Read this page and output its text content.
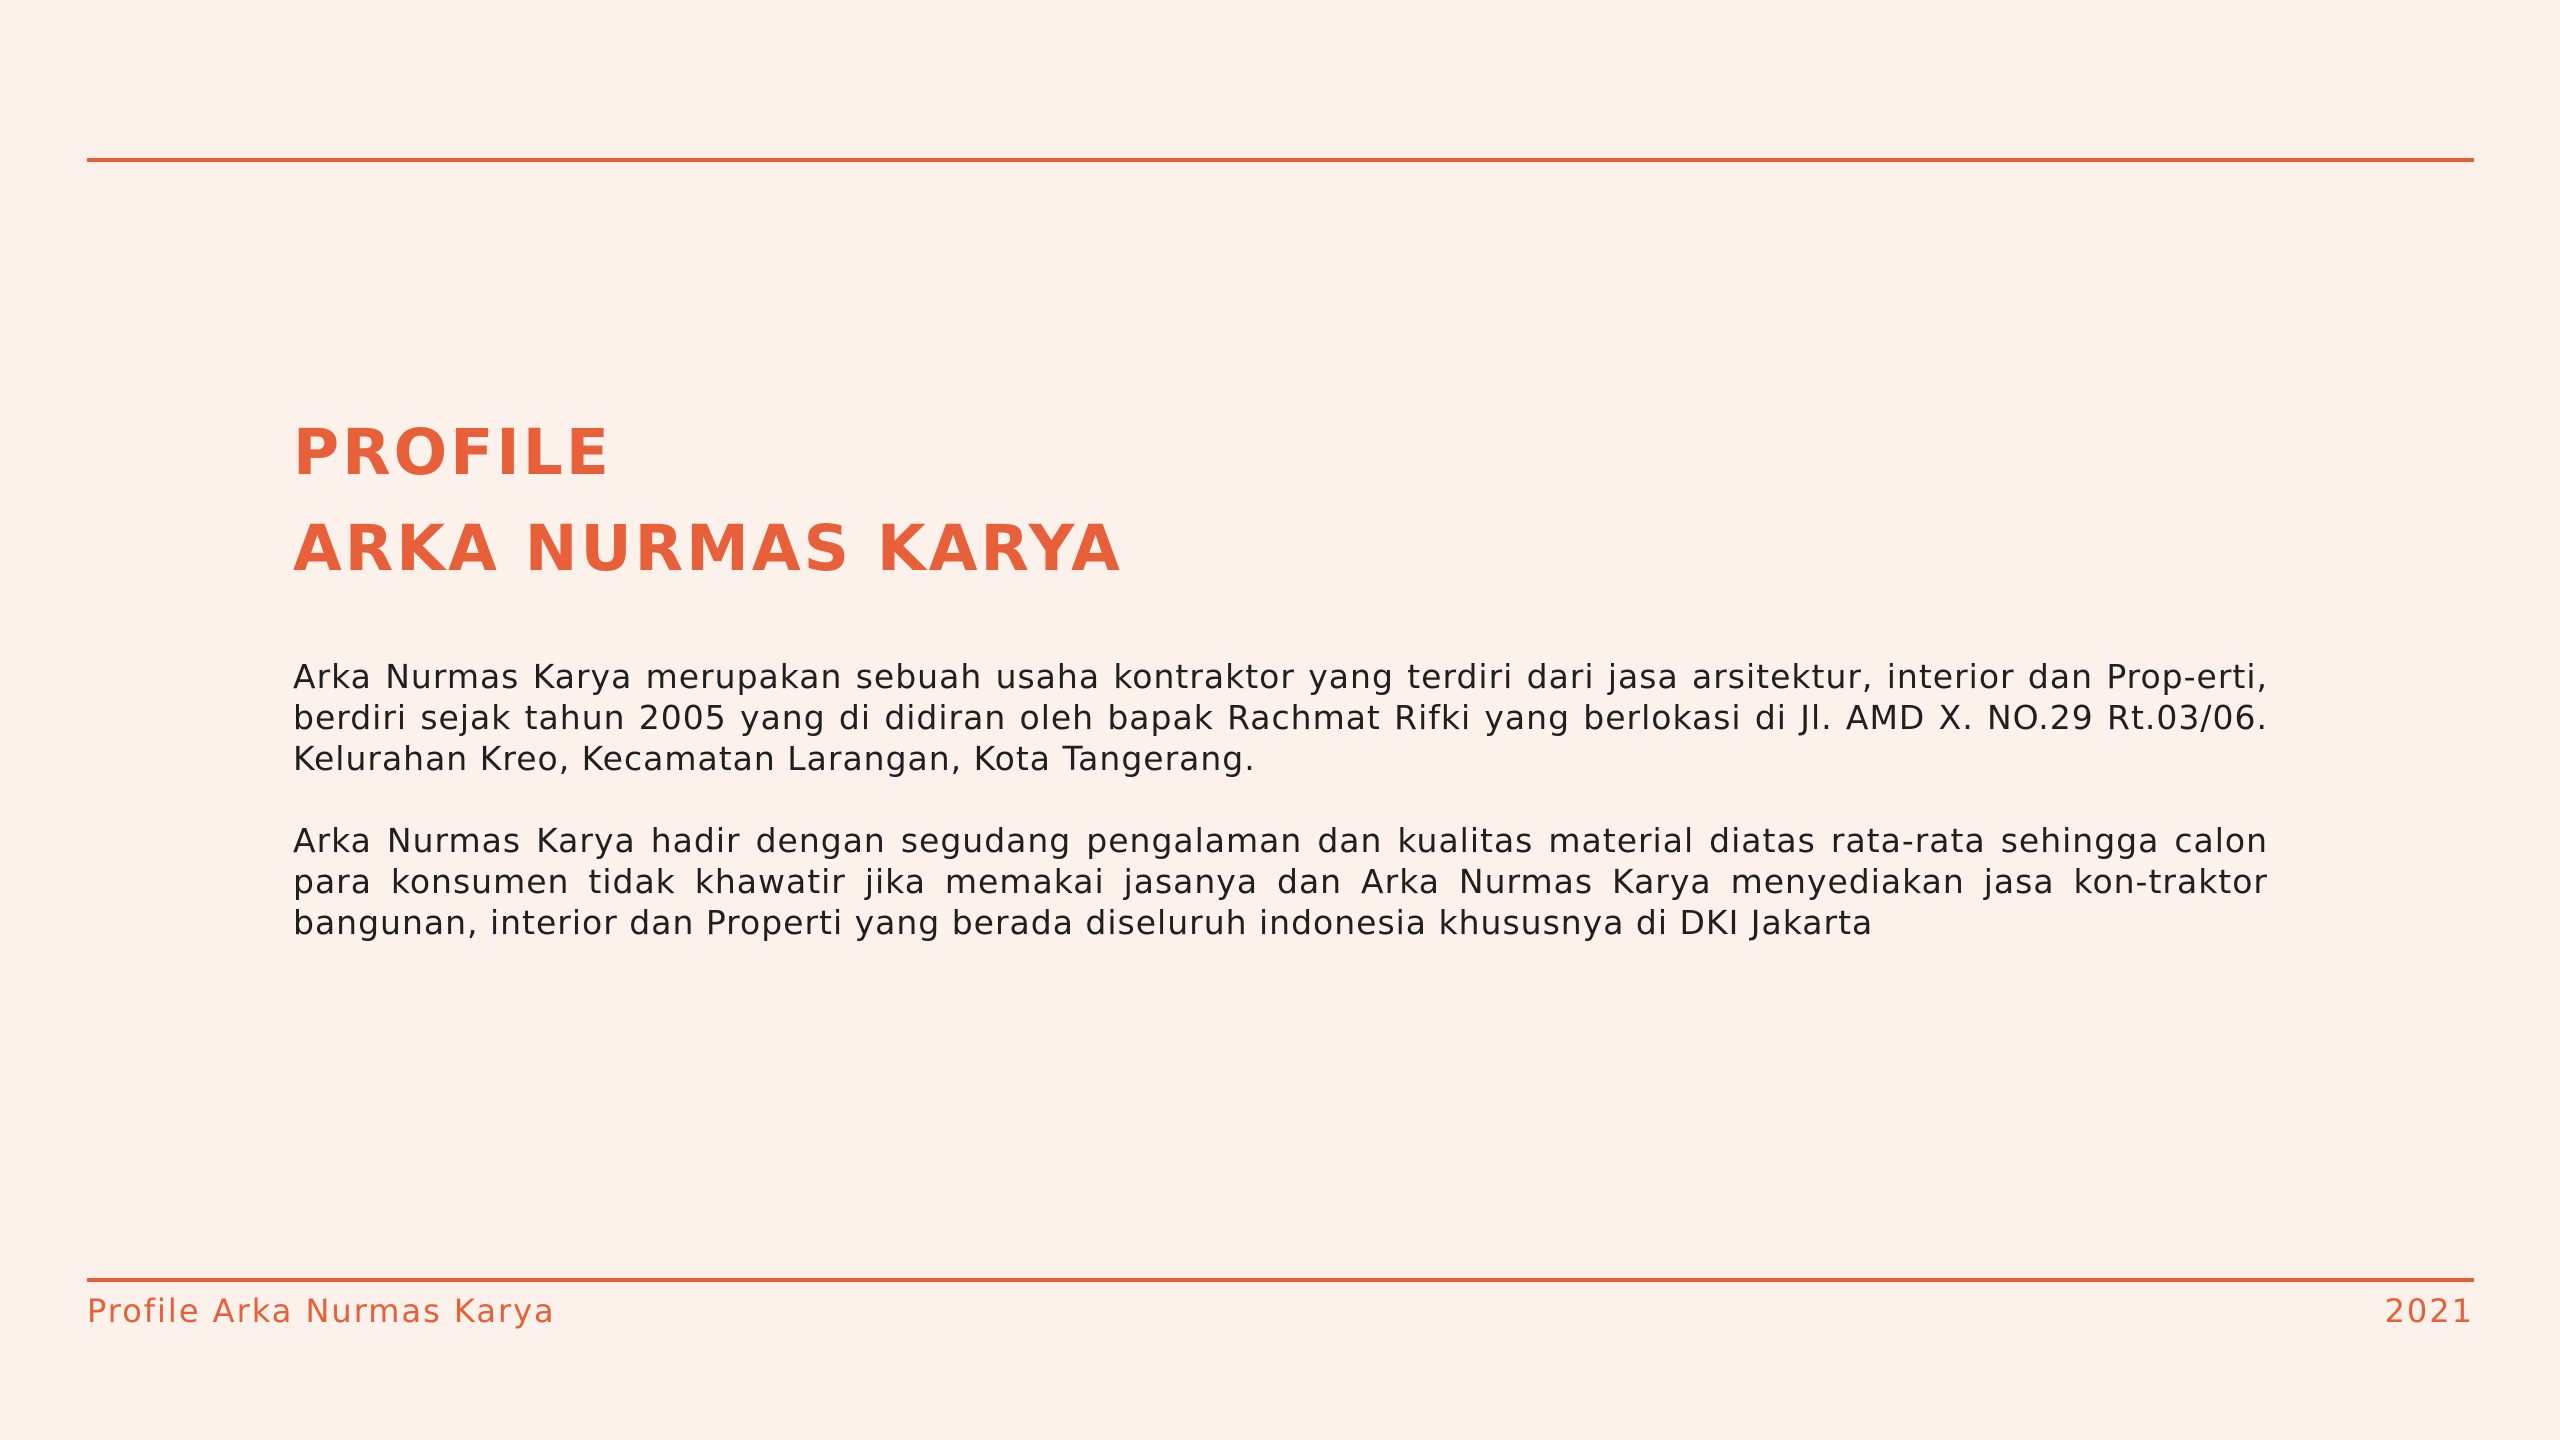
PROFILE
ARKA NURMAS KARYA

Arka Nurmas Karya merupakan sebuah usaha kontraktor yang terdiri dari jasa arsitektur, interior dan Prop-erti, berdiri sejak tahun 2005 yang di didiran oleh bapak Rachmat Rifki yang berlokasi di Jl. AMD X. NO.29 Rt.03/06. Kelurahan Kreo, Kecamatan Larangan, Kota Tangerang.

Arka Nurmas Karya hadir dengan segudang pengalaman dan kualitas material diatas rata-rata sehingga calon para konsumen tidak khawatir jika memakai jasanya dan Arka Nurmas Karya menyediakan jasa kon-traktor bangunan, interior dan Properti yang berada diseluruh indonesia khususnya di DKI Jakarta

Profile Arka Nurmas Karya	2021
